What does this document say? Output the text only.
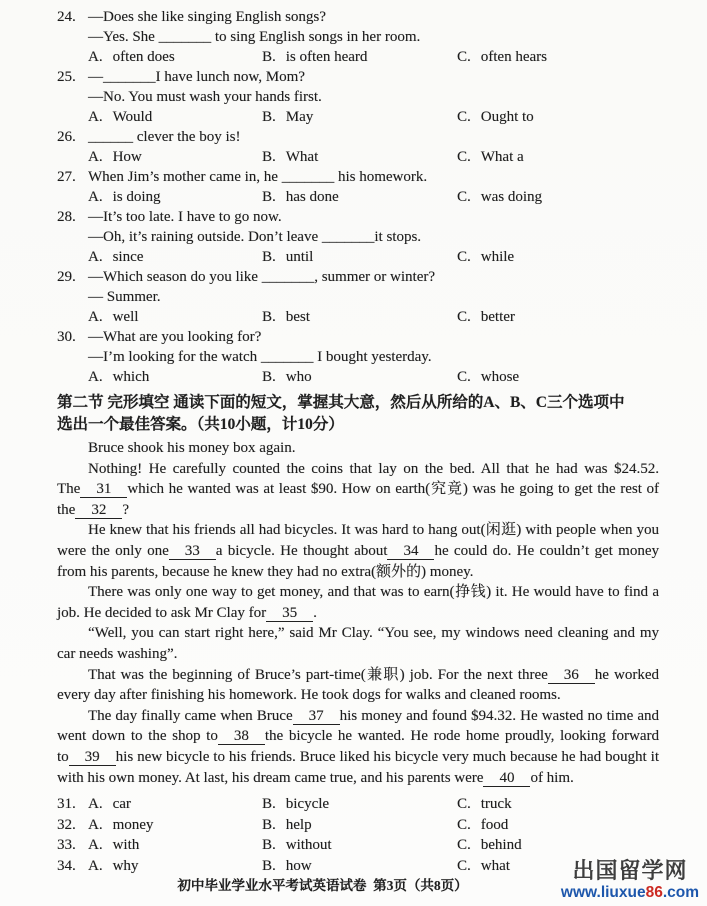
24. —Does she like singing English songs?
—Yes. She _______ to sing English songs in her room.
A. often does	B. is often heard	C. often hears
25. —_______I have lunch now, Mom?
—No. You must wash your hands first.
A. Would	B. May	C. Ought to
26. ______ clever the boy is!
A. How	B. What	C. What a
27. When Jim’s mother came in, he _______ his homework.
A. is doing	B. has done	C. was doing
28. —It’s too late. I have to go now.
—Oh, it’s raining outside. Don’t leave _______it stops.
A. since	B. until	C. while
29. —Which season do you like _______, summer or winter?
— Summer.
A. well	B. best	C. better
30. —What are you looking for?
—I’m looking for the watch _______ I bought yesterday.
A. which	B. who	C. whose
第二节 完形填空 通读下面的短文，掌握其大意，然后从所给的A、B、C三个选项中
选出一个最佳答案。（共10小题，计10分）
Bruce shook his money box again.
Nothing! He carefully counted the coins that lay on the bed. All that he had was $24.52. The 31 which he wanted was at least $90. How on earth(究竟) was he going to get the rest of the 32 ?
He knew that his friends all had bicycles. It was hard to hang out(闲逛) with people when you were the only one 33 a bicycle. He thought about 34 he could do. He couldn’t get money from his parents, because he knew they had no extra(额外的) money.
There was only one way to get money, and that was to earn(挣钱) it. He would have to find a job. He decided to ask Mr Clay for 35 .
“Well, you can start right here,” said Mr Clay. “You see, my windows need cleaning and my car needs washing”.
That was the beginning of Bruce’s part-time(兼职) job. For the next three 36 he worked every day after finishing his homework. He took dogs for walks and cleaned rooms.
The day finally came when Bruce 37 his money and found $94.32. He wasted no time and went down to the shop to 38 the bicycle he wanted. He rode home proudly, looking forward to 39 his new bicycle to his friends. Bruce liked his bicycle very much because he had bought it with his own money. At last, his dream came true, and his parents were 40 of him.
31. A. car	B. bicycle	C. truck
32. A. money	B. help	C. food
33. A. with	B. without	C. behind
34. A. why	B. how	C. what
初中毕业学业水平考试英语试卷  第3页（共8页）
出国留学网
www.liuxue86.com
